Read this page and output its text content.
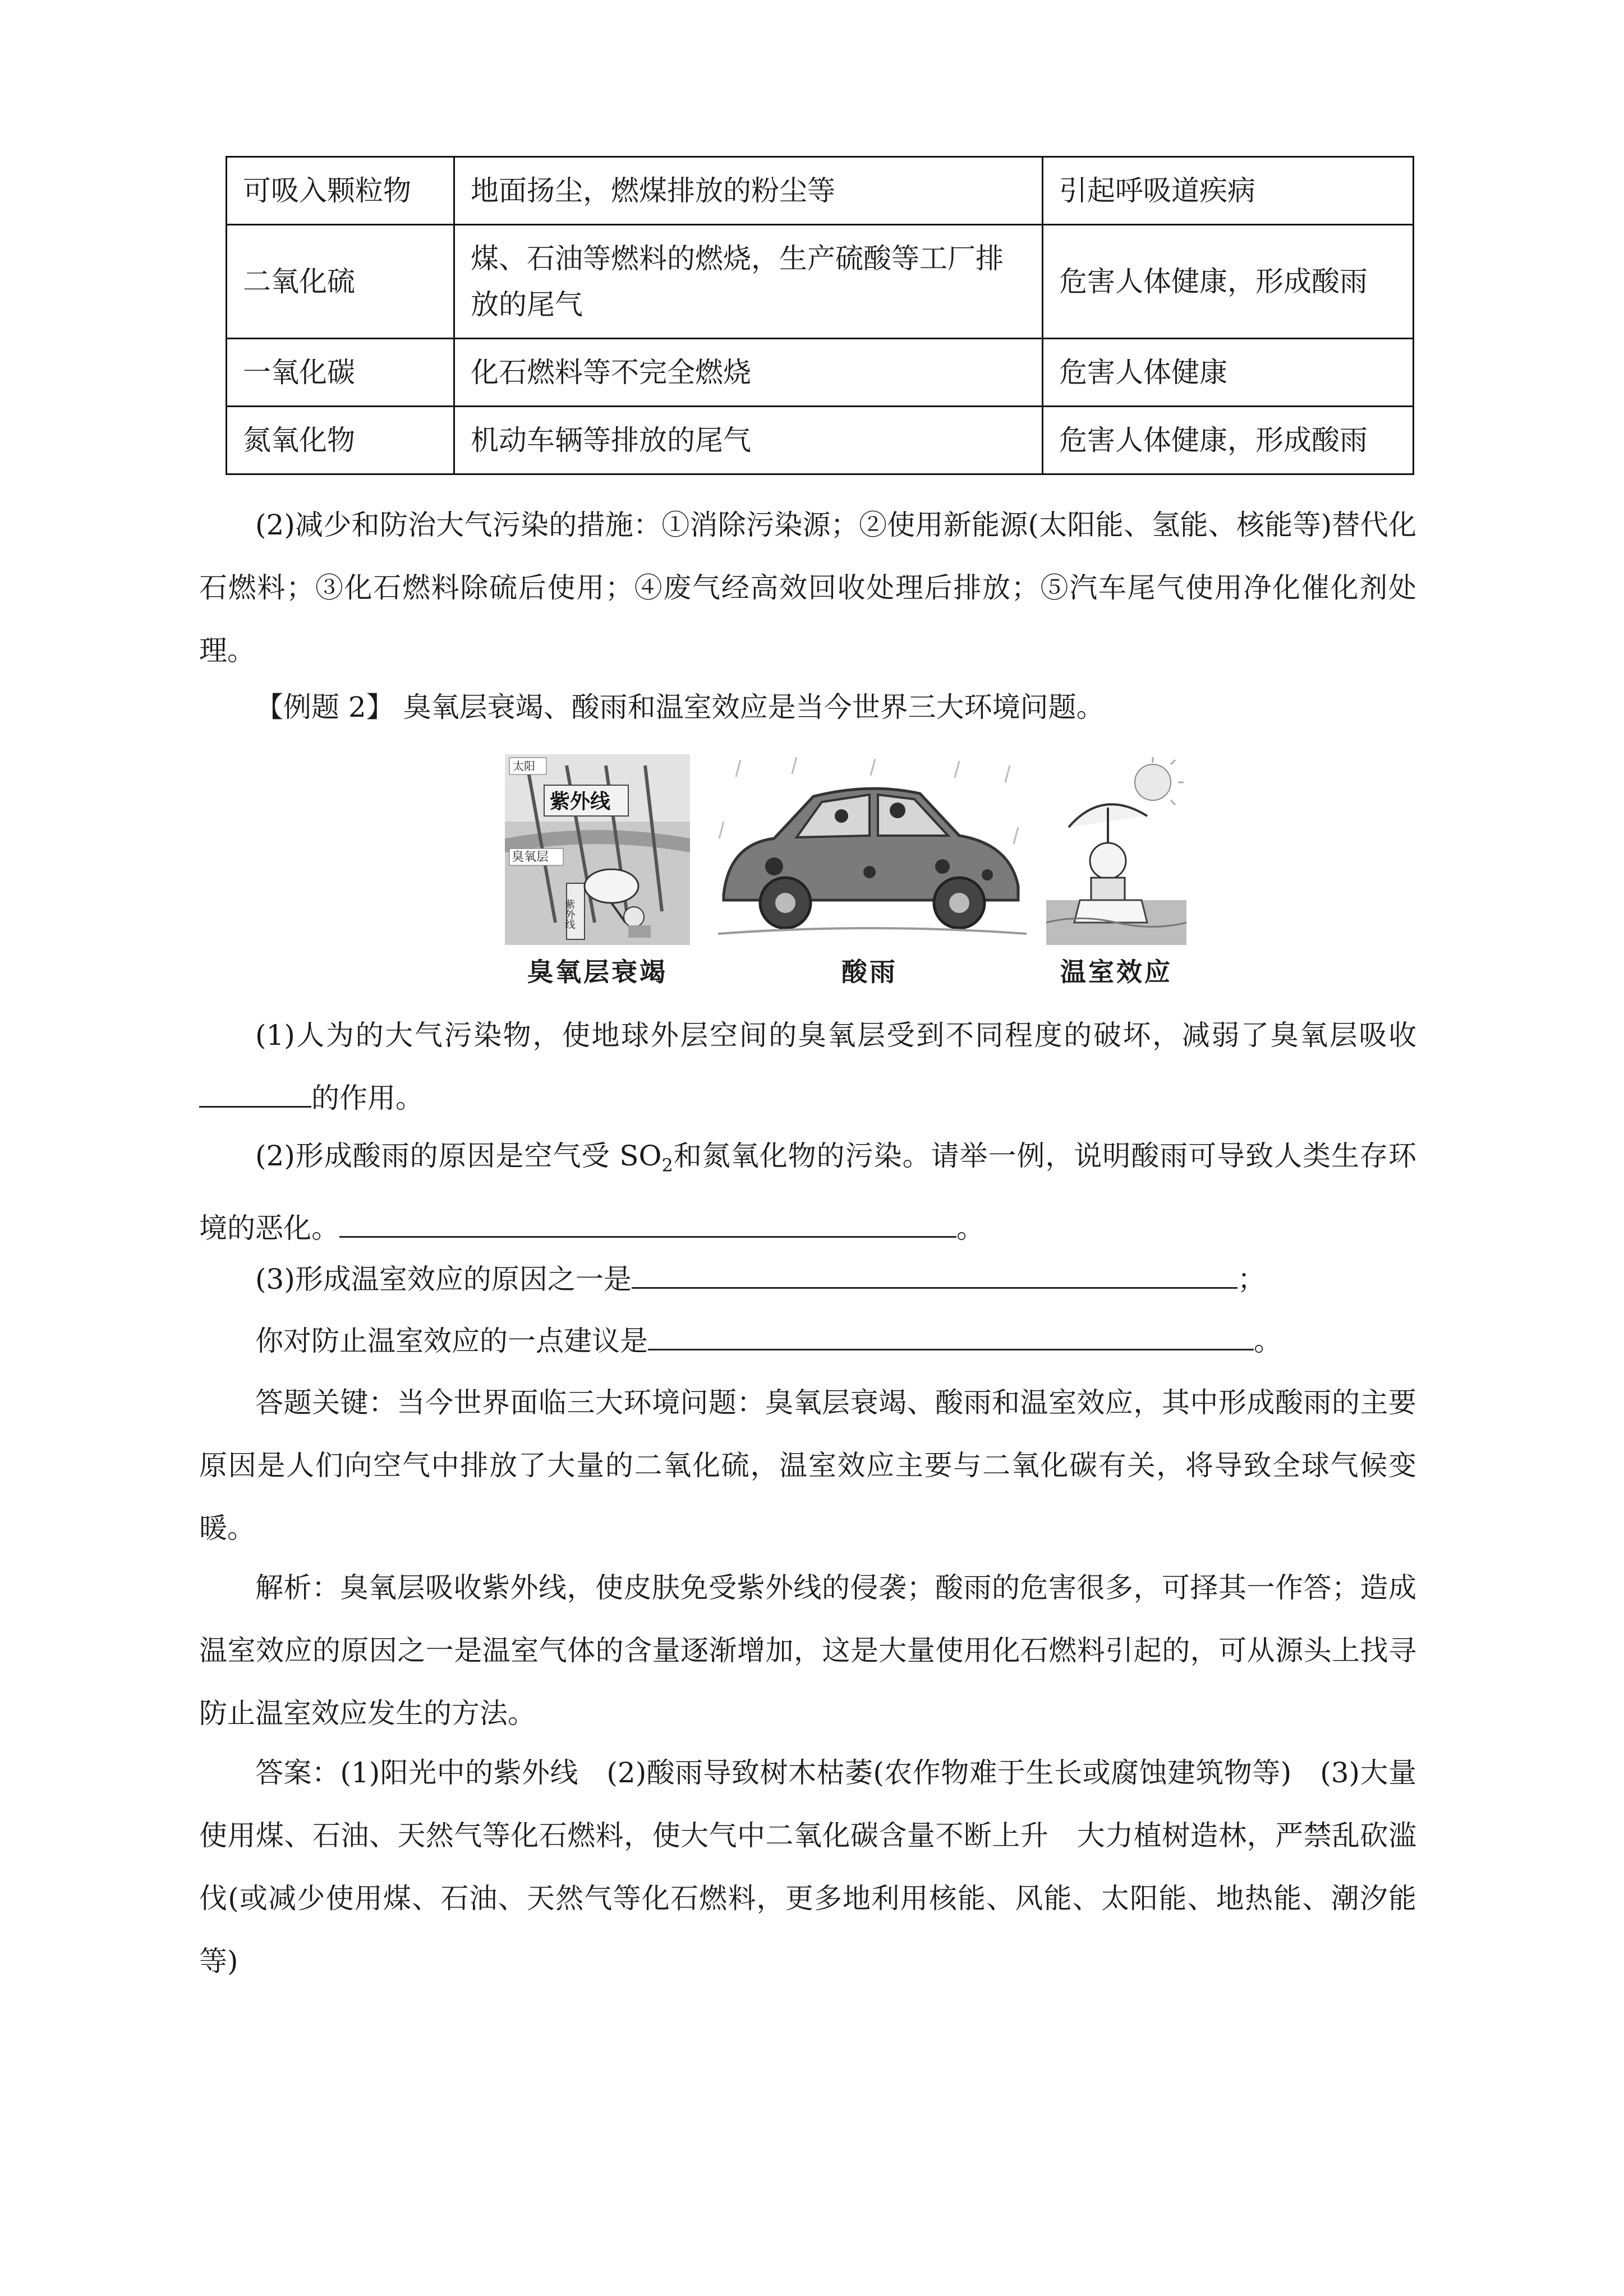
可吸入颗粒物	地面扬尘，燃煤排放的粉尘等	引起呼吸道疾病
二氧化硫	煤、石油等燃料的燃烧，生产硫酸等工厂排放的尾气	危害人体健康，形成酸雨
一氧化碳	化石燃料等不完全燃烧	危害人体健康
氮氧化物	机动车辆等排放的尾气	危害人体健康，形成酸雨

(2)减少和防治大气污染的措施：①消除污染源；②使用新能源(太阳能、氢能、核能等)替代化石燃料；③化石燃料除硫后使用；④废气经高效回收处理后排放；⑤汽车尾气使用净化催化剂处理。

【例题 2】 臭氧层衰竭、酸雨和温室效应是当今世界三大环境问题。

太阳
紫外线
臭氧层
紫外线
臭氧层衰竭	酸雨	温室效应

(1)人为的大气污染物，使地球外层空间的臭氧层受到不同程度的破坏，减弱了臭氧层吸收的作用。

(2)形成酸雨的原因是空气受 $SO_2$和氮氧化物的污染。请举一例，说明酸雨可导致人类生存环境的恶化。	。

(3)形成温室效应的原因之一是	；

你对防止温室效应的一点建议是	。

答题关键：当今世界面临三大环境问题：臭氧层衰竭、酸雨和温室效应，其中形成酸雨的主要原因是人们向空气中排放了大量的二氧化硫，温室效应主要与二氧化碳有关，将导致全球气候变暖。

解析：臭氧层吸收紫外线，使皮肤免受紫外线的侵袭；酸雨的危害很多，可择其一作答；造成温室效应的原因之一是温室气体的含量逐渐增加，这是大量使用化石燃料引起的，可从源头上找寻防止温室效应发生的方法。

答案：(1)阳光中的紫外线　(2)酸雨导致树木枯萎(农作物难于生长或腐蚀建筑物等)　(3)大量使用煤、石油、天然气等化石燃料，使大气中二氧化碳含量不断上升　大力植树造林，严禁乱砍滥伐(或减少使用煤、石油、天然气等化石燃料，更多地利用核能、风能、太阳能、地热能、潮汐能等)
